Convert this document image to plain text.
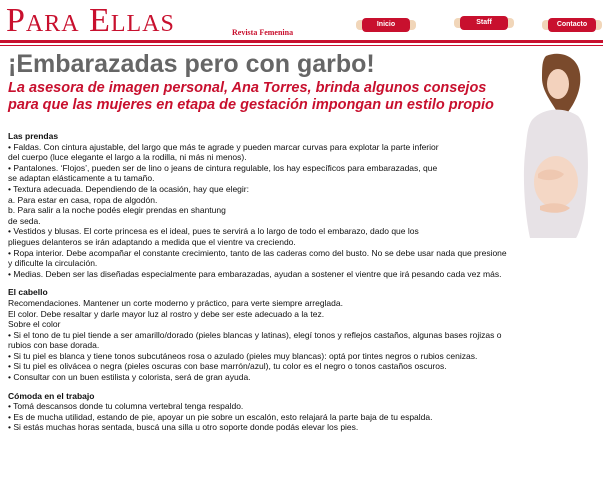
Para Ellas	Revista Femenina
Inicio	Staff	Contacto
¡Embarazadas pero con garbo!
La asesora de imagen personal, Ana Torres, brinda algunos consejos para que las mujeres en etapa de gestación impongan un estilo propio
Las prendas
• Faldas. Con cintura ajustable, del largo que más te agrade y pueden marcar curvas para explotar la parte inferior
del cuerpo (luce elegante el largo a la rodilla, ni más ni menos).
• Pantalones. ‘Flojos’, pueden ser de lino o jeans de cintura regulable, los hay específicos para embarazadas, que
se adaptan elásticamente a tu tamaño.
• Textura adecuada. Dependiendo de la ocasión, hay que elegir:
a. Para estar en casa, ropa de algodón.
b. Para salir a la noche podés elegir prendas en shantung
de seda.
• Vestidos y blusas. El corte princesa es el ideal, pues te servirá a lo largo de todo el embarazo, dado que los
pliegues delanteros se irán adaptando a medida que el vientre va creciendo.
• Ropa interior. Debe acompañar el constante crecimiento, tanto de las caderas como del busto. No se debe usar nada que presione
y dificulte la circulación.
• Medias. Deben ser las diseñadas especialmente para embarazadas, ayudan a sostener el vientre que irá pesando cada vez más.
El cabello
Recomendaciones. Mantener un corte moderno y práctico, para verte siempre arreglada.
El color. Debe resaltar y darle mayor luz al rostro y debe ser este adecuado a la tez.
Sobre el color
• Si el tono de tu piel tiende a ser amarillo/dorado (pieles blancas y latinas), elegí tonos y reflejos castaños, algunas bases rojizas o
rubios con base dorada.
• Si tu piel es blanca y tiene tonos subcutáneos rosa o azulado (pieles muy blancas): optá por tintes negros o rubios cenizas.
• Si tu piel es olivácea o negra (pieles oscuras con base marrón/azul), tu color es el negro o tonos castaños oscuros.
• Consultar con un buen estilista y colorista, será de gran ayuda.
Cómoda en el trabajo
• Tomá descansos donde tu columna vertebral tenga respaldo.
• Es de mucha utilidad, estando de pie, apoyar un pie sobre un escalón, esto relajará la parte baja de tu espalda.
• Si estás muchas horas sentada, buscá una silla u otro soporte donde podás elevar los pies.
